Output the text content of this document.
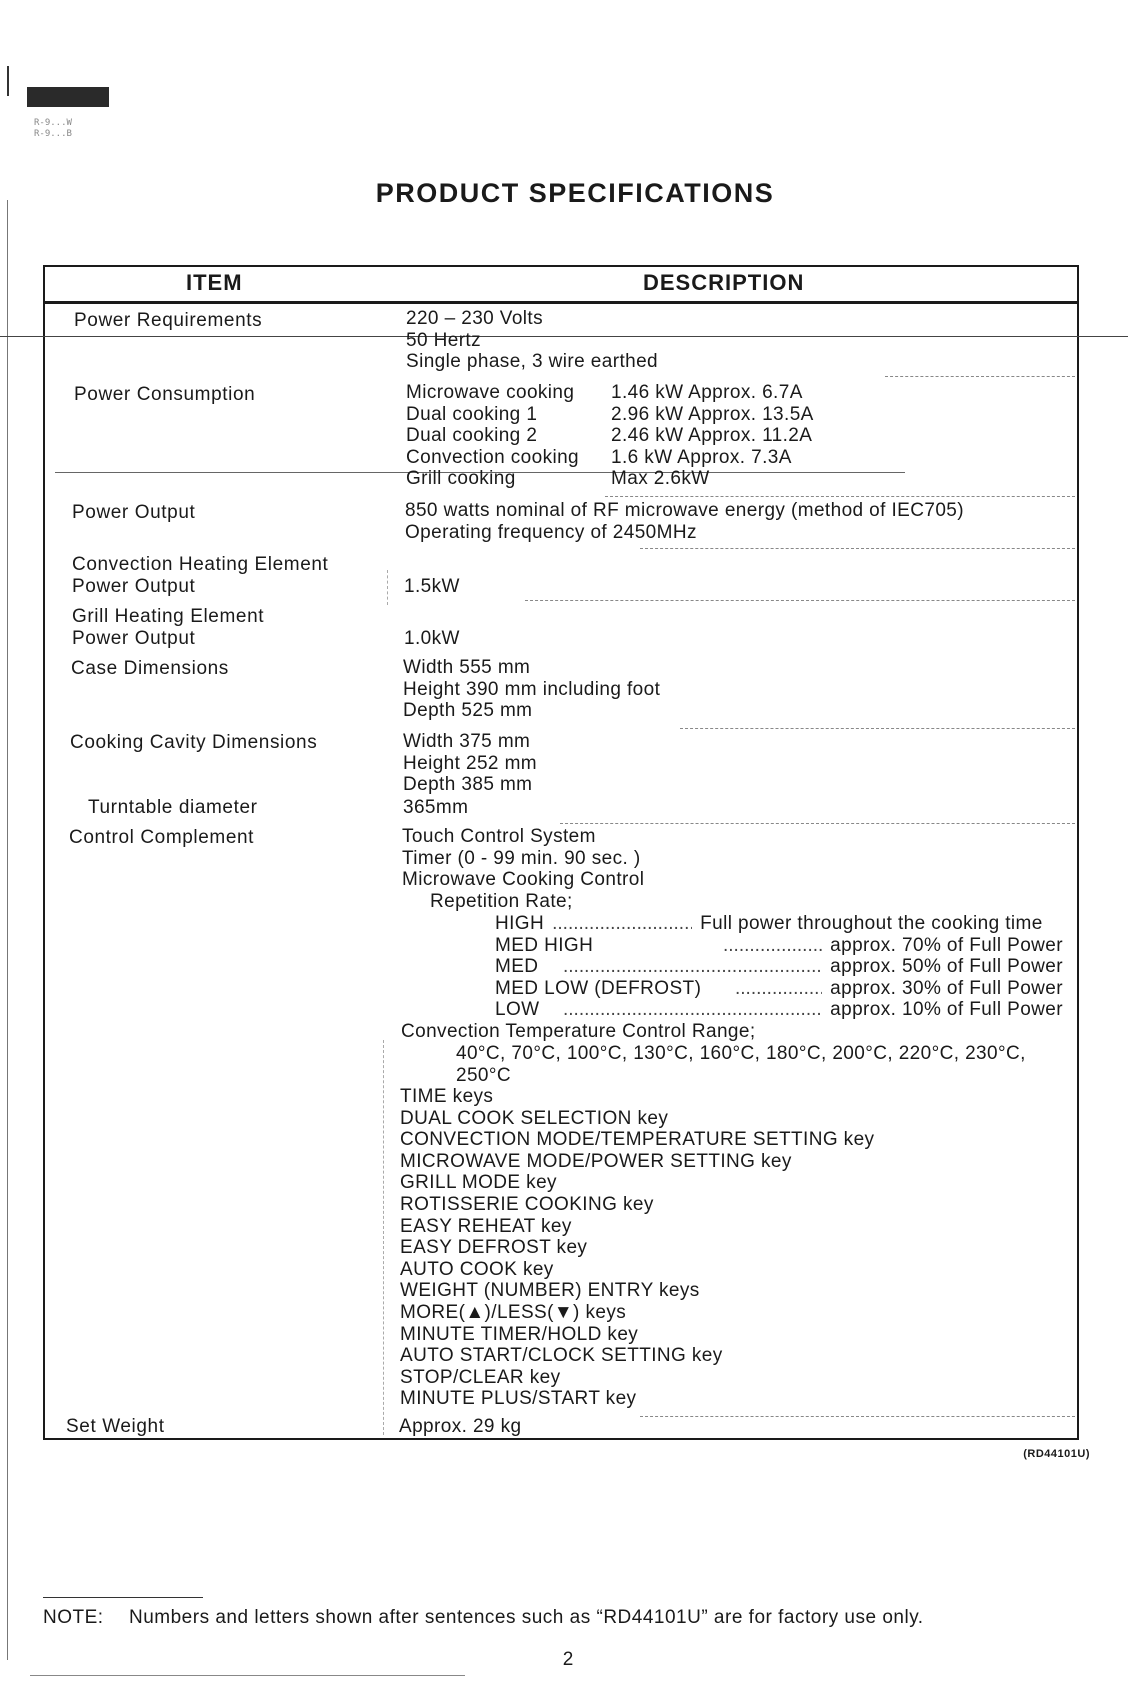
R-9...W
R-9...B
PRODUCT SPECIFICATIONS
ITEM	DESCRIPTION
Power Requirements	220 – 230 Volts
50 Hertz
Single phase, 3 wire earthed
Power Consumption	Microwave cooking	1.46 kW Approx. 6.7A
Dual cooking 1	2.96 kW Approx. 13.5A
Dual cooking 2	2.46 kW Approx. 11.2A
Convection cooking	1.6 kW Approx. 7.3A
Grill cooking	Max 2.6kW
Power Output	850 watts nominal of RF microwave energy (method of IEC705)
Operating frequency of 2450MHz
Convection Heating Element
Power Output	1.5kW
Grill Heating Element
Power Output	1.0kW
Case Dimensions	Width 555 mm
Height 390 mm including foot
Depth 525 mm
Cooking Cavity Dimensions	Width 375 mm
Height 252 mm
Depth 385 mm
Turntable diameter	365mm
Control Complement	Touch Control System
Timer (0 - 99 min. 90 sec. )
Microwave Cooking Control
Repetition Rate;
HIGH .....	Full power throughout the cooking time
MED HIGH .....	approx. 70% of Full Power
MED .....	approx. 50% of Full Power
MED LOW (DEFROST) .....	approx. 30% of Full Power
LOW .....	approx. 10% of Full Power
Convection Temperature Control Range;
40°C, 70°C, 100°C, 130°C, 160°C, 180°C, 200°C, 220°C, 230°C,
250°C
TIME keys
DUAL COOK SELECTION key
CONVECTION MODE/TEMPERATURE SETTING key
MICROWAVE MODE/POWER SETTING key
GRILL MODE key
ROTISSERIE COOKING key
EASY REHEAT key
EASY DEFROST key
AUTO COOK key
WEIGHT (NUMBER) ENTRY keys
MORE(▲)/LESS(▼) keys
MINUTE TIMER/HOLD key
AUTO START/CLOCK SETTING key
STOP/CLEAR key
MINUTE PLUS/START key
Set Weight	Approx. 29 kg
(RD44101U)
NOTE: Numbers and letters shown after sentences such as “RD44101U” are for factory use only.
2
